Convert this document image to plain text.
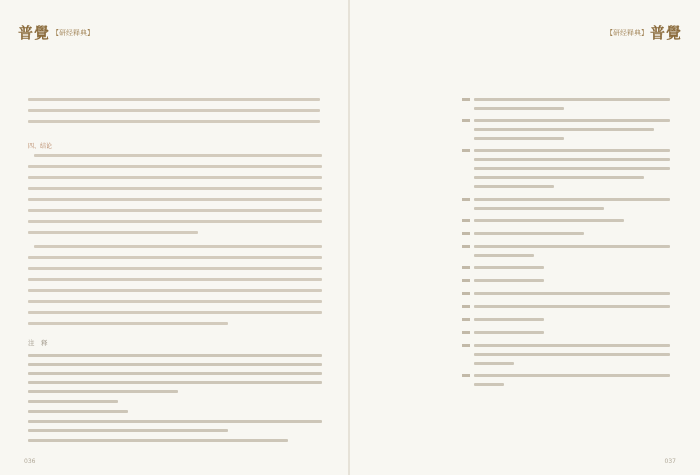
普覺 【研经释典】
四、结论
注　释
036
【研经释典】 普覺
037
